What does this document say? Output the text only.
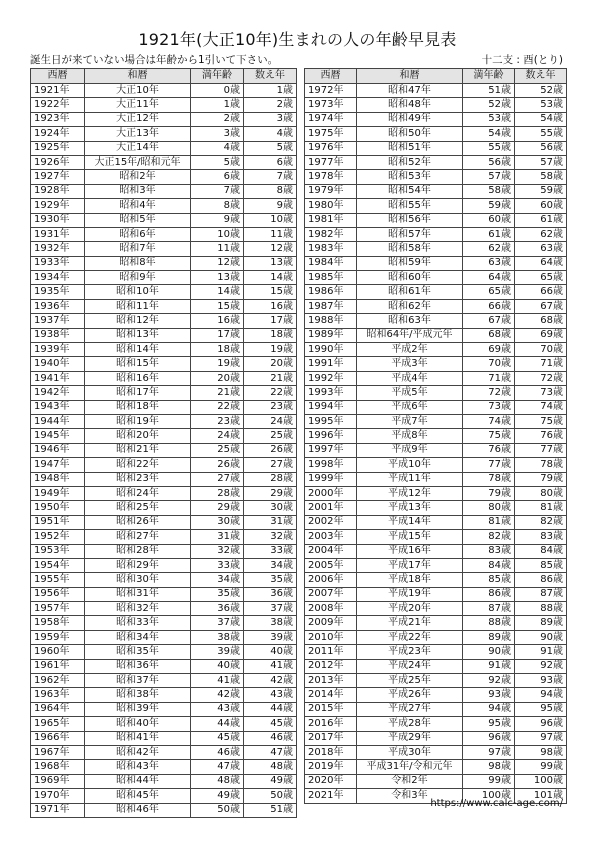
1921年(大正10年)生まれの人の年齢早見表
誕生日が来ていない場合は年齢から1引いて下さい。	十二支 : 酉(とり)
西暦	和暦	満年齢	数え年
1921年	大正10年	0歳	1歳
1922年	大正11年	1歳	2歳
1923年	大正12年	2歳	3歳
1924年	大正13年	3歳	4歳
1925年	大正14年	4歳	5歳
1926年	大正15年/昭和元年	5歳	6歳
1927年	昭和2年	6歳	7歳
1928年	昭和3年	7歳	8歳
1929年	昭和4年	8歳	9歳
1930年	昭和5年	9歳	10歳
1931年	昭和6年	10歳	11歳
1932年	昭和7年	11歳	12歳
1933年	昭和8年	12歳	13歳
1934年	昭和9年	13歳	14歳
1935年	昭和10年	14歳	15歳
1936年	昭和11年	15歳	16歳
1937年	昭和12年	16歳	17歳
1938年	昭和13年	17歳	18歳
1939年	昭和14年	18歳	19歳
1940年	昭和15年	19歳	20歳
1941年	昭和16年	20歳	21歳
1942年	昭和17年	21歳	22歳
1943年	昭和18年	22歳	23歳
1944年	昭和19年	23歳	24歳
1945年	昭和20年	24歳	25歳
1946年	昭和21年	25歳	26歳
1947年	昭和22年	26歳	27歳
1948年	昭和23年	27歳	28歳
1949年	昭和24年	28歳	29歳
1950年	昭和25年	29歳	30歳
1951年	昭和26年	30歳	31歳
1952年	昭和27年	31歳	32歳
1953年	昭和28年	32歳	33歳
1954年	昭和29年	33歳	34歳
1955年	昭和30年	34歳	35歳
1956年	昭和31年	35歳	36歳
1957年	昭和32年	36歳	37歳
1958年	昭和33年	37歳	38歳
1959年	昭和34年	38歳	39歳
1960年	昭和35年	39歳	40歳
1961年	昭和36年	40歳	41歳
1962年	昭和37年	41歳	42歳
1963年	昭和38年	42歳	43歳
1964年	昭和39年	43歳	44歳
1965年	昭和40年	44歳	45歳
1966年	昭和41年	45歳	46歳
1967年	昭和42年	46歳	47歳
1968年	昭和43年	47歳	48歳
1969年	昭和44年	48歳	49歳
1970年	昭和45年	49歳	50歳
1971年	昭和46年	50歳	51歳
西暦	和暦	満年齢	数え年
1972年	昭和47年	51歳	52歳
1973年	昭和48年	52歳	53歳
1974年	昭和49年	53歳	54歳
1975年	昭和50年	54歳	55歳
1976年	昭和51年	55歳	56歳
1977年	昭和52年	56歳	57歳
1978年	昭和53年	57歳	58歳
1979年	昭和54年	58歳	59歳
1980年	昭和55年	59歳	60歳
1981年	昭和56年	60歳	61歳
1982年	昭和57年	61歳	62歳
1983年	昭和58年	62歳	63歳
1984年	昭和59年	63歳	64歳
1985年	昭和60年	64歳	65歳
1986年	昭和61年	65歳	66歳
1987年	昭和62年	66歳	67歳
1988年	昭和63年	67歳	68歳
1989年	昭和64年/平成元年	68歳	69歳
1990年	平成2年	69歳	70歳
1991年	平成3年	70歳	71歳
1992年	平成4年	71歳	72歳
1993年	平成5年	72歳	73歳
1994年	平成6年	73歳	74歳
1995年	平成7年	74歳	75歳
1996年	平成8年	75歳	76歳
1997年	平成9年	76歳	77歳
1998年	平成10年	77歳	78歳
1999年	平成11年	78歳	79歳
2000年	平成12年	79歳	80歳
2001年	平成13年	80歳	81歳
2002年	平成14年	81歳	82歳
2003年	平成15年	82歳	83歳
2004年	平成16年	83歳	84歳
2005年	平成17年	84歳	85歳
2006年	平成18年	85歳	86歳
2007年	平成19年	86歳	87歳
2008年	平成20年	87歳	88歳
2009年	平成21年	88歳	89歳
2010年	平成22年	89歳	90歳
2011年	平成23年	90歳	91歳
2012年	平成24年	91歳	92歳
2013年	平成25年	92歳	93歳
2014年	平成26年	93歳	94歳
2015年	平成27年	94歳	95歳
2016年	平成28年	95歳	96歳
2017年	平成29年	96歳	97歳
2018年	平成30年	97歳	98歳
2019年	平成31年/令和元年	98歳	99歳
2020年	令和2年	99歳	100歳
2021年	令和3年	100歳	101歳
https://www.calc-age.com/
